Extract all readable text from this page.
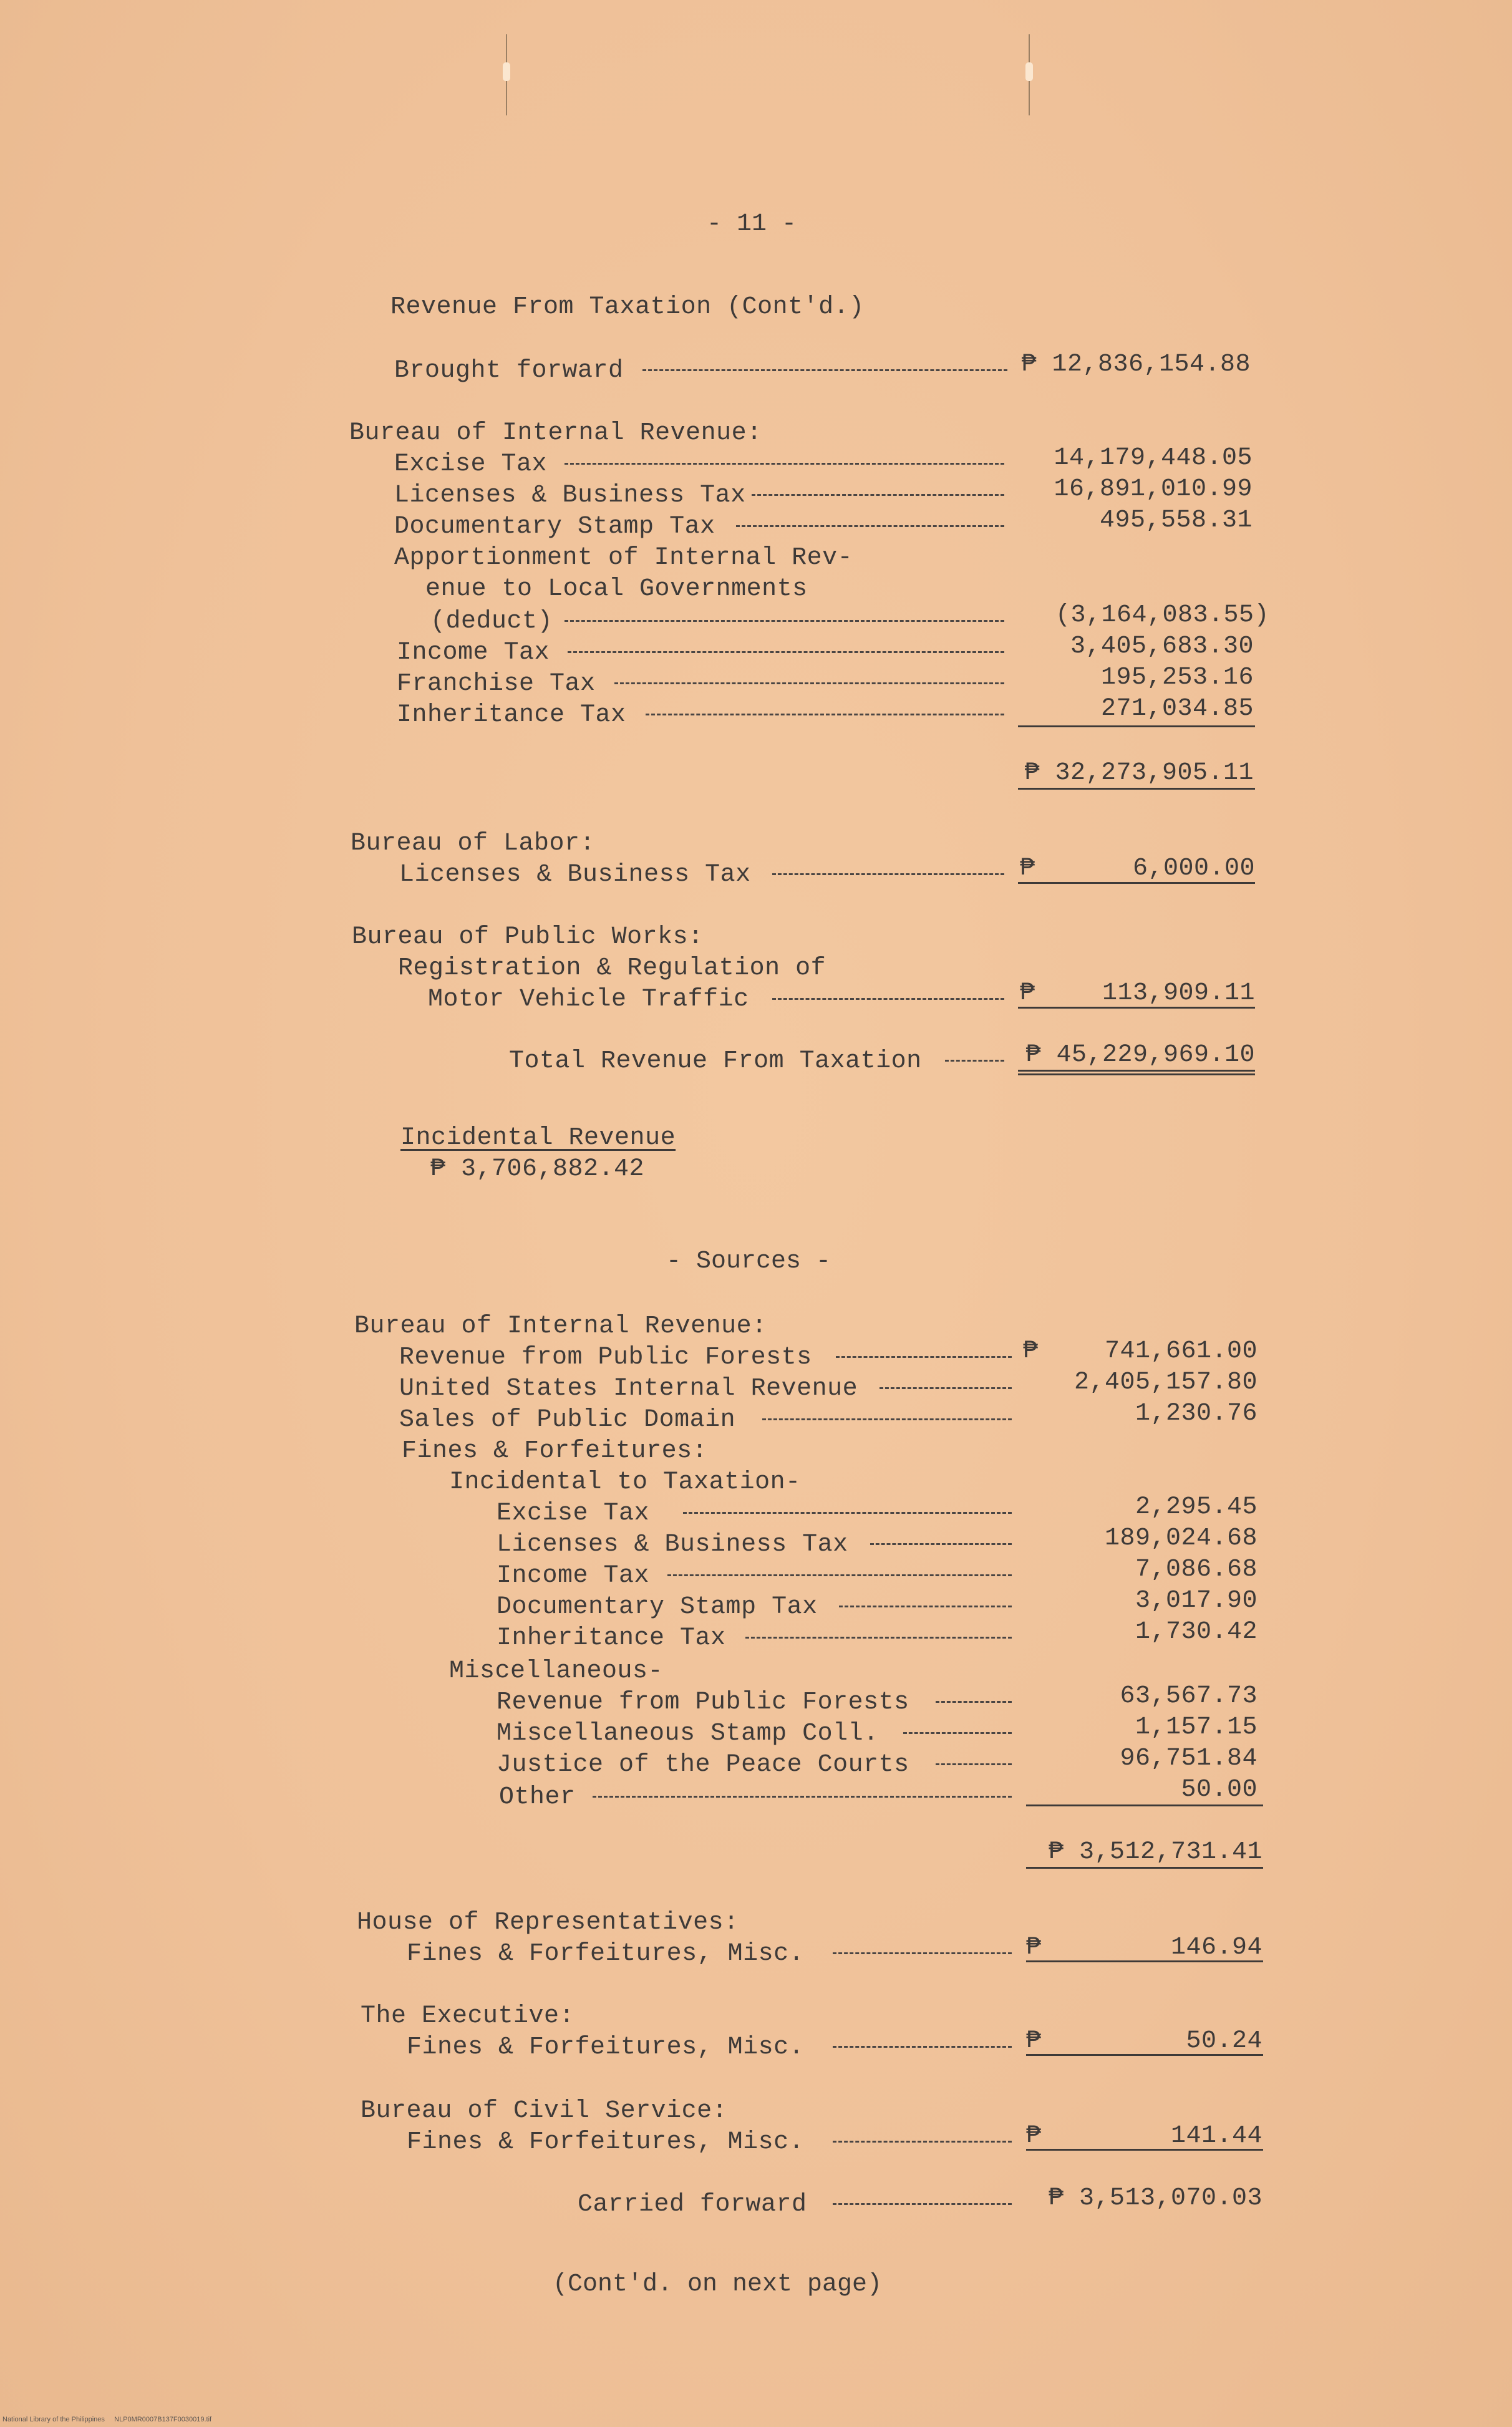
- 11 -
Revenue From Taxation (Cont'd.)
Brought forward	₱ 12,836,154.88
Bureau of Internal Revenue:
Excise Tax	14,179,448.05
Licenses & Business Tax	16,891,010.99
Documentary Stamp Tax	495,558.31
Apportionment of Internal Rev-
enue to Local Governments
(deduct)	(3,164,083.55)
Income Tax	3,405,683.30
Franchise Tax	195,253.16
Inheritance Tax	271,034.85
₱ 32,273,905.11
Bureau of Labor:
Licenses & Business Tax	₱	6,000.00
Bureau of Public Works:
Registration & Regulation of
Motor Vehicle Traffic	₱	113,909.11
Total Revenue From Taxation	₱ 45,229,969.10
Incidental Revenue
₱ 3,706,882.42
- Sources -
Bureau of Internal Revenue:
Revenue from Public Forests	₱	741,661.00
United States Internal Revenue	2,405,157.80
Sales of Public Domain	1,230.76
Fines & Forfeitures:
Incidental to Taxation-
Excise Tax	2,295.45
Licenses & Business Tax	189,024.68
Income Tax	7,086.68
Documentary Stamp Tax	3,017.90
Inheritance Tax	1,730.42
Miscellaneous-
Revenue from Public Forests	63,567.73
Miscellaneous Stamp Coll.	1,157.15
Justice of the Peace Courts	96,751.84
Other	50.00
₱ 3,512,731.41
House of Representatives:
Fines & Forfeitures, Misc.	₱	146.94
The Executive:
Fines & Forfeitures, Misc.	₱	50.24
Bureau of Civil Service:
Fines & Forfeitures, Misc.	₱	141.44
Carried forward	₱ 3,513,070.03
(Cont'd. on next page)
National Library of the Philippines     NLP0MR0007B137F0030019.tif
